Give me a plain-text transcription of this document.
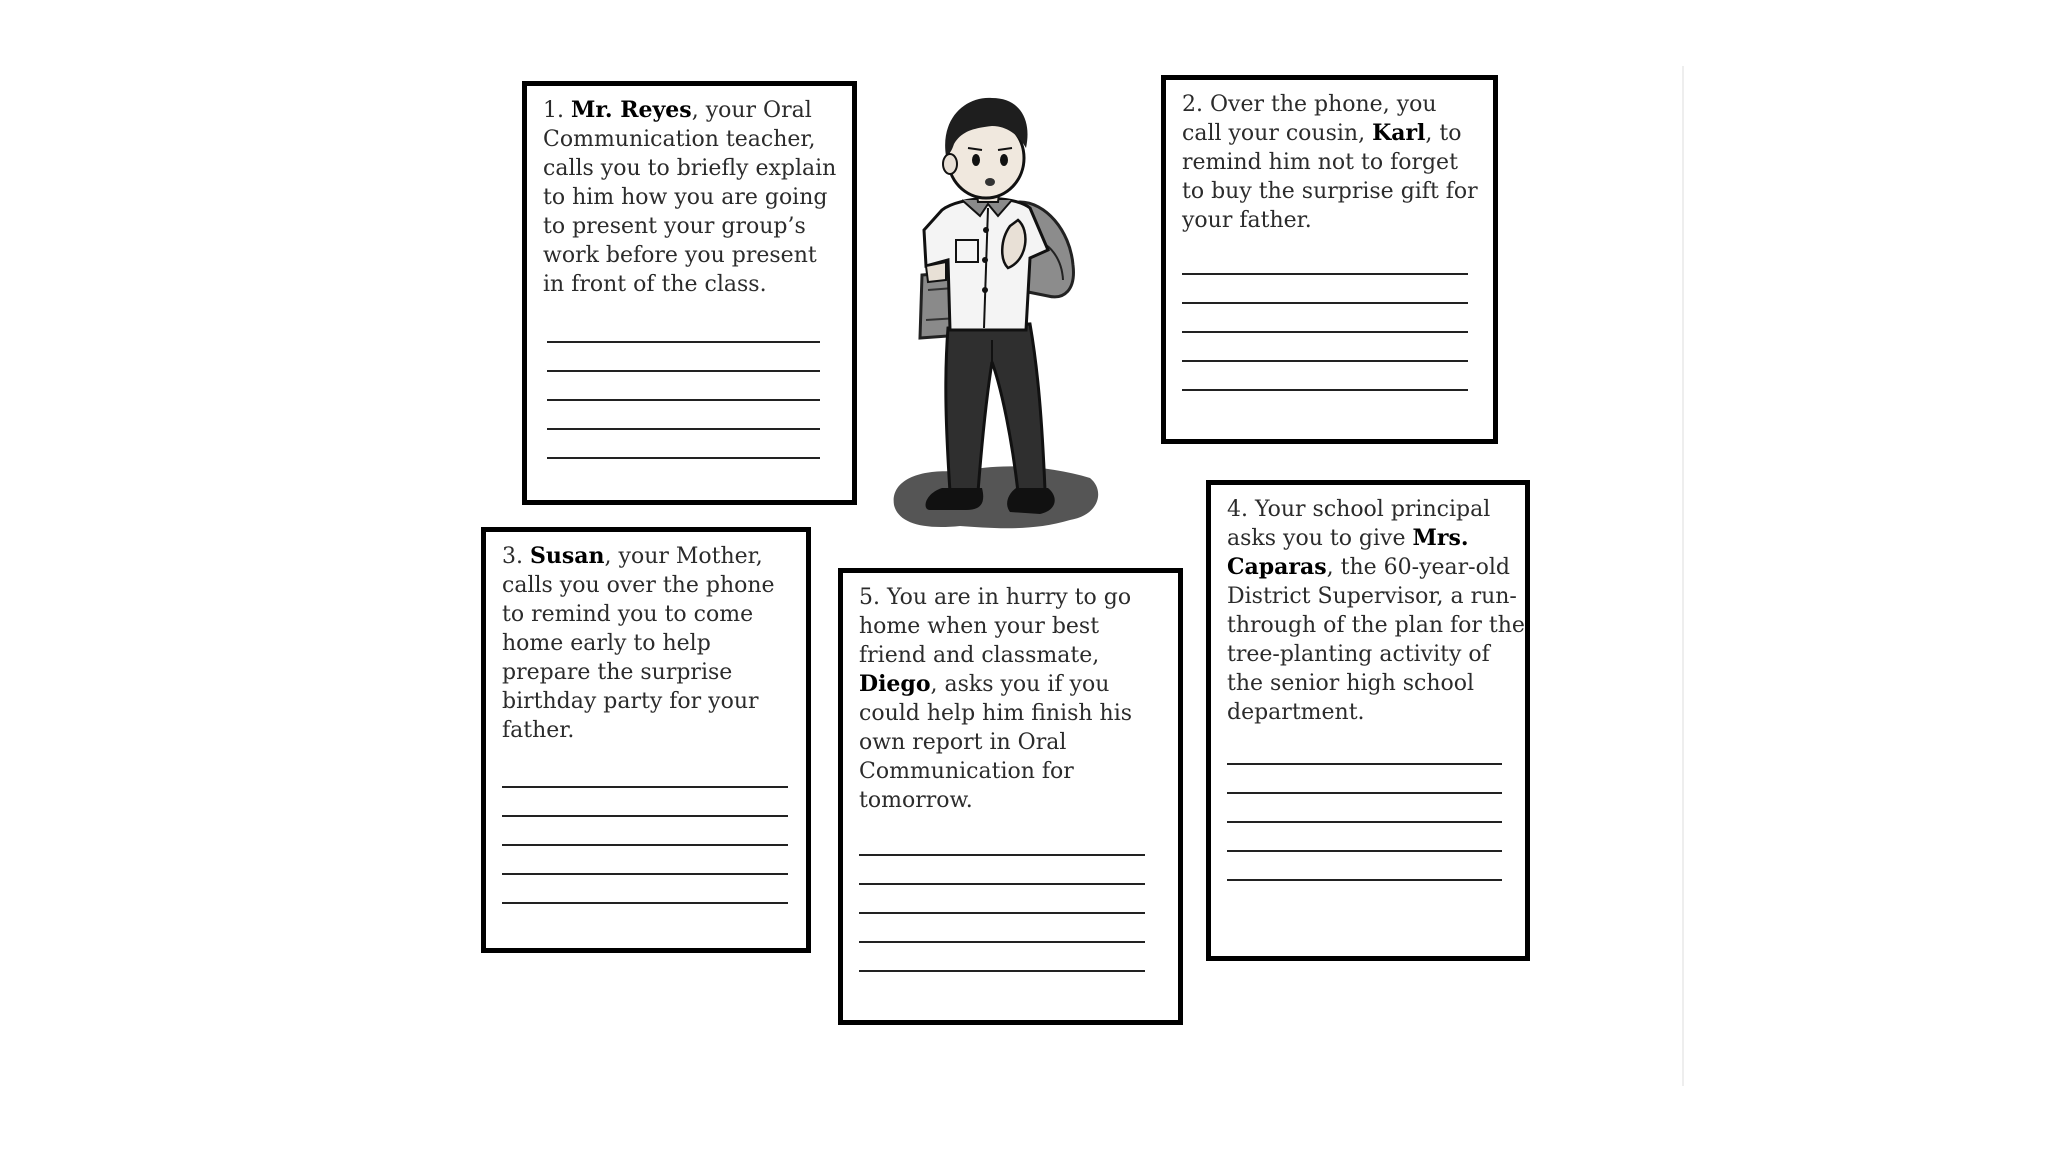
1. Mr. Reyes, your Oral Communication teacher, calls you to briefly explain to him how you are going to present your group’s work before you present in front of the class.
2. Over the phone, you call your cousin, Karl, to remind him not to forget to buy the surprise gift for your father.
3. Susan, your Mother, calls you over the phone to remind you to come home early to help prepare the surprise birthday party for your father.
5. You are in hurry to go home when your best friend and classmate, Diego, asks you if you could help him finish his own report in Oral Communication for tomorrow.
4. Your school principal asks you to give Mrs. Caparas, the 60-year-old District Supervisor, a run-through of the plan for the tree-planting activity of the senior high school department.
